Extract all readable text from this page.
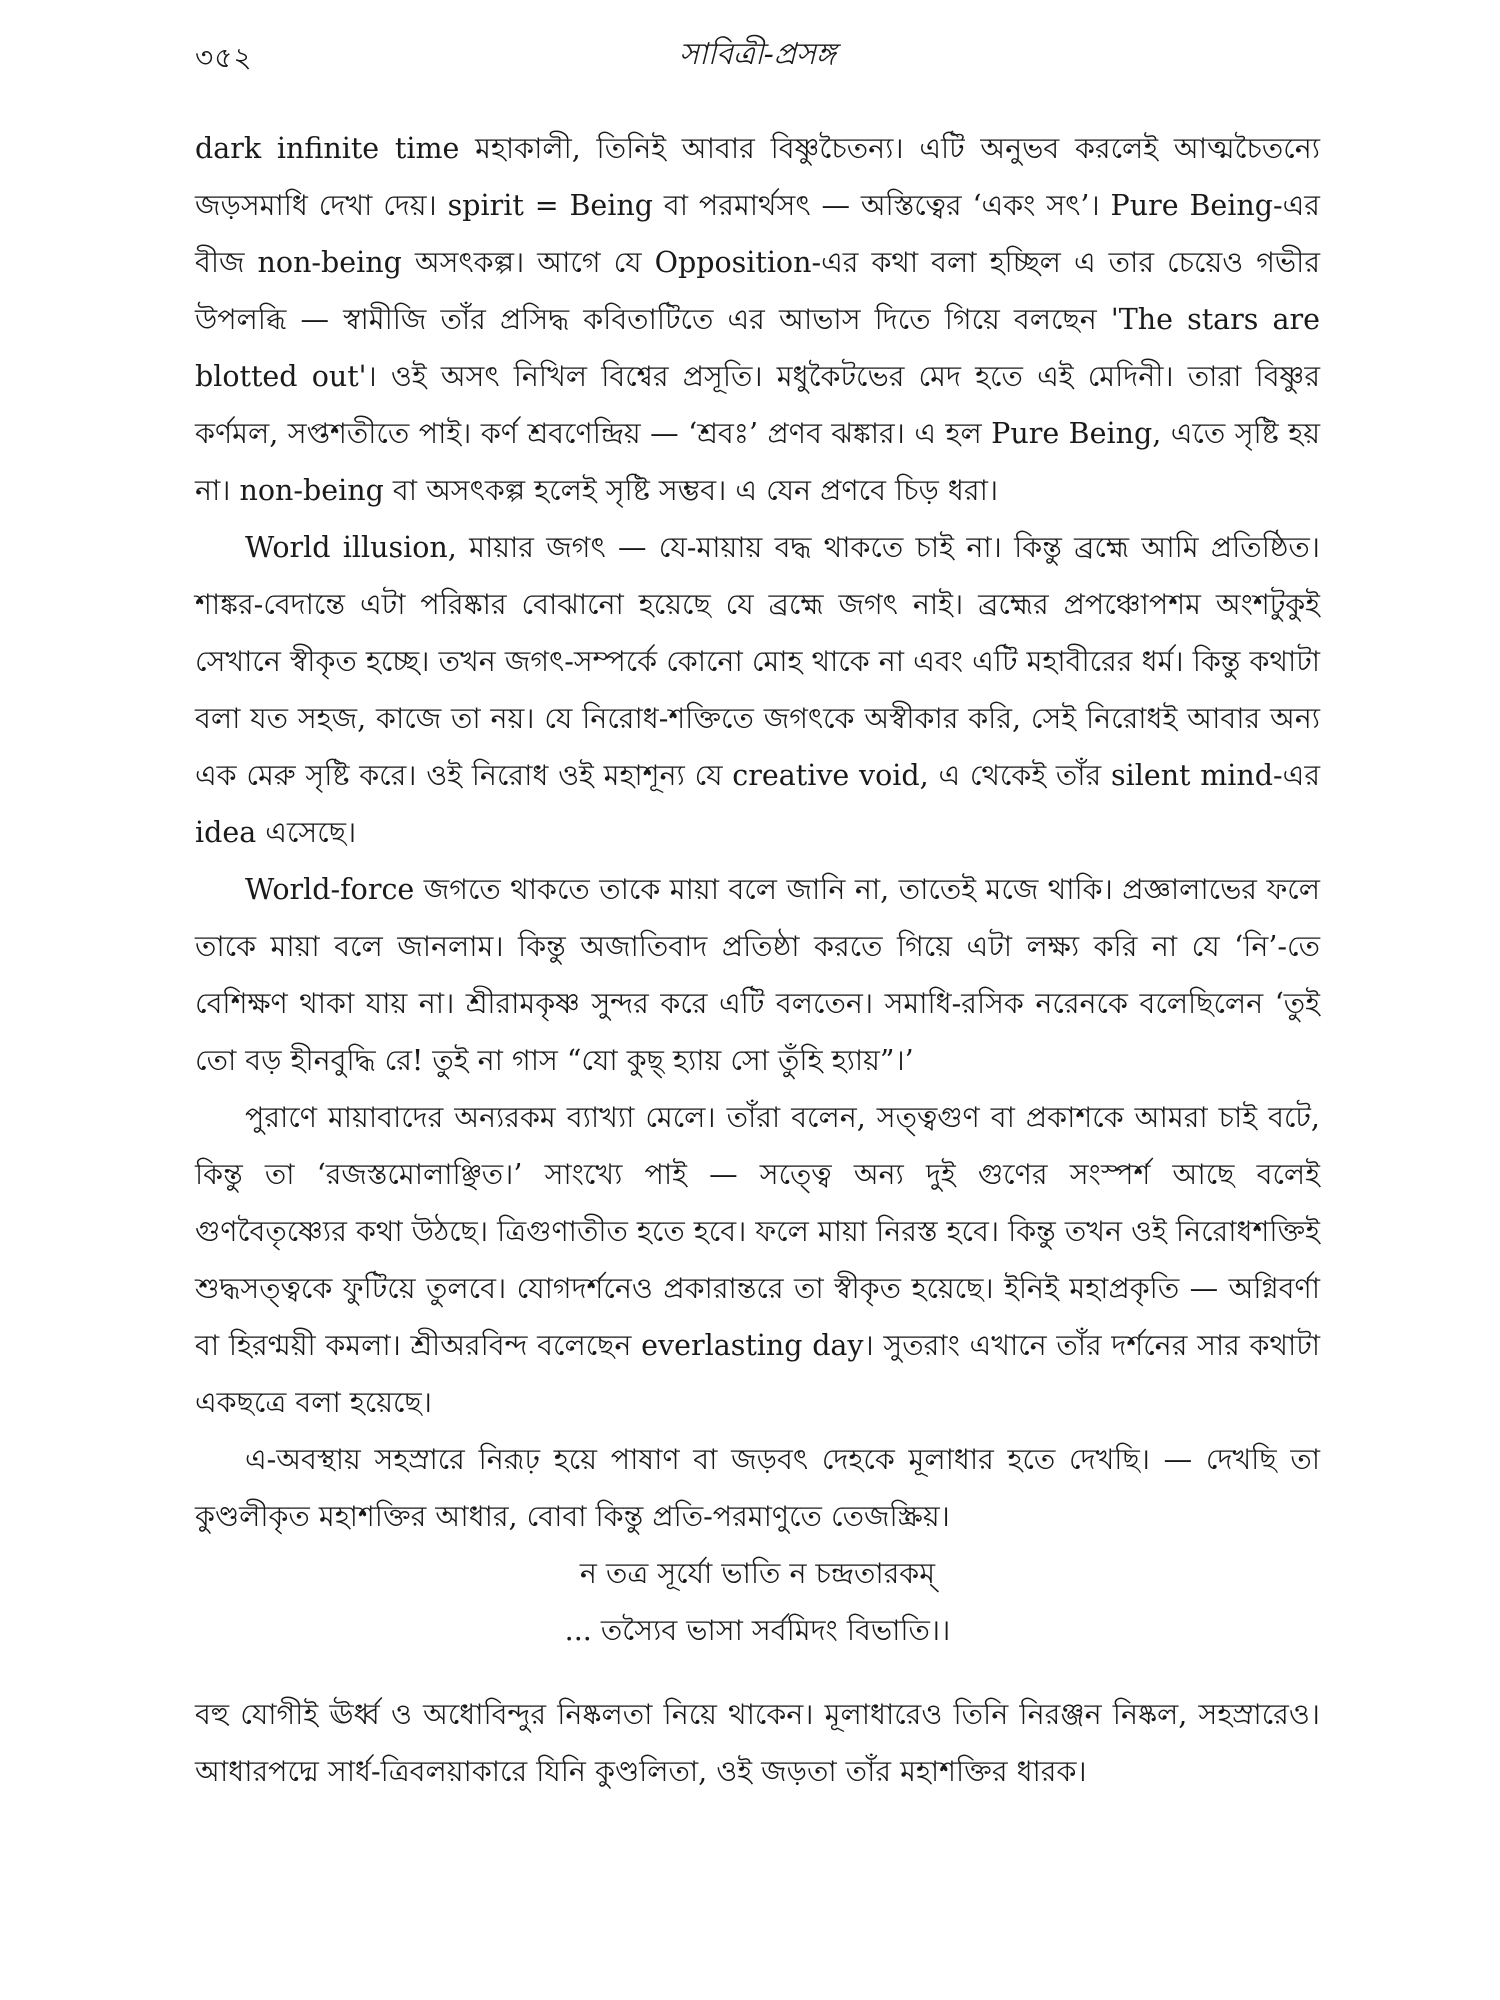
৩৫২	সাবিত্রী-প্রসঙ্গ

dark infinite time মহাকালী, তিনিই আবার বিষ্ণুচৈতন্য। এটি অনুভব করলেই আত্মচৈতন্যে জড়সমাধি দেখা দেয়। spirit = Being বা পরমার্থসৎ — অস্তিত্বের ‘একং সৎ’। Pure Being-এর বীজ non-being অসৎকল্প। আগে যে Opposition-এর কথা বলা হচ্ছিল এ তার চেয়েও গভীর উপলব্ধি — স্বামীজি তাঁর প্রসিদ্ধ কবিতাটিতে এর আভাস দিতে গিয়ে বলছেন 'The stars are blotted out'। ওই অসৎ নিখিল বিশ্বের প্রসূতি। মধুকৈটভের মেদ হতে এই মেদিনী। তারা বিষ্ণুর কর্ণমল, সপ্তশতীতে পাই। কর্ণ শ্রবণেন্দ্রিয় — ‘শ্রবঃ’ প্রণব ঝঙ্কার। এ হল Pure Being, এতে সৃষ্টি হয় না। non-being বা অসৎকল্প হলেই সৃষ্টি সম্ভব। এ যেন প্রণবে চিড় ধরা।

World illusion, মায়ার জগৎ — যে-মায়ায় বদ্ধ থাকতে চাই না। কিন্তু ব্রহ্মে আমি প্রতিষ্ঠিত। শাঙ্কর-বেদান্তে এটা পরিষ্কার বোঝানো হয়েছে যে ব্রহ্মে জগৎ নাই। ব্রহ্মের প্রপঞ্চোপশম অংশটুকুই সেখানে স্বীকৃত হচ্ছে। তখন জগৎ-সম্পর্কে কোনো মোহ থাকে না এবং এটি মহাবীরের ধর্ম। কিন্তু কথাটা বলা যত সহজ, কাজে তা নয়। যে নিরোধ-শক্তিতে জগৎকে অস্বীকার করি, সেই নিরোধই আবার অন্য এক মেরু সৃষ্টি করে। ওই নিরোধ ওই মহাশূন্য যে creative void, এ থেকেই তাঁর silent mind-এর idea এসেছে।

World-force জগতে থাকতে তাকে মায়া বলে জানি না, তাতেই মজে থাকি। প্রজ্ঞালাভের ফলে তাকে মায়া বলে জানলাম। কিন্তু অজাতিবাদ প্রতিষ্ঠা করতে গিয়ে এটা লক্ষ্য করি না যে ‘নি’-তে বেশিক্ষণ থাকা যায় না। শ্রীরামকৃষ্ণ সুন্দর করে এটি বলতেন। সমাধি-রসিক নরেনকে বলেছিলেন ‘তুই তো বড় হীনবুদ্ধি রে! তুই না গাস “যো কুছ্ হ্যায় সো তুঁহি হ্যায়”।’

পুরাণে মায়াবাদের অন্যরকম ব্যাখ্যা মেলে। তাঁরা বলেন, সত্ত্বগুণ বা প্রকাশকে আমরা চাই বটে, কিন্তু তা ‘রজস্তমোলাঞ্ছিত।’ সাংখ্যে পাই — সত্ত্বে অন্য দুই গুণের সংস্পর্শ আছে বলেই গুণবৈতৃষ্ণ্যের কথা উঠছে। ত্রিগুণাতীত হতে হবে। ফলে মায়া নিরস্ত হবে। কিন্তু তখন ওই নিরোধশক্তিই শুদ্ধসত্ত্বকে ফুটিয়ে তুলবে। যোগদর্শনেও প্রকারান্তরে তা স্বীকৃত হয়েছে। ইনিই মহাপ্রকৃতি — অগ্নিবর্ণা বা হিরণ্ময়ী কমলা। শ্রীঅরবিন্দ বলেছেন everlasting day। সুতরাং এখানে তাঁর দর্শনের সার কথাটা একছত্রে বলা হয়েছে।

এ-অবস্থায় সহস্রারে নিরূঢ় হয়ে পাষাণ বা জড়বৎ দেহকে মূলাধার হতে দেখছি। — দেখছি তা কুণ্ডলীকৃত মহাশক্তির আধার, বোবা কিন্তু প্রতি-পরমাণুতে তেজস্ক্রিয়।

ন তত্র সূর্যো ভাতি ন চন্দ্রতারকম্
... তস্যৈব ভাসা সর্বমিদং বিভাতি।।

বহু যোগীই ঊর্ধ্ব ও অধোবিন্দুর নিষ্কলতা নিয়ে থাকেন। মূলাধারেও তিনি নিরঞ্জন নিষ্কল, সহস্রারেও। আধারপদ্মে সার্ধ-ত্রিবলয়াকারে যিনি কুণ্ডলিতা, ওই জড়তা তাঁর মহাশক্তির ধারক।
